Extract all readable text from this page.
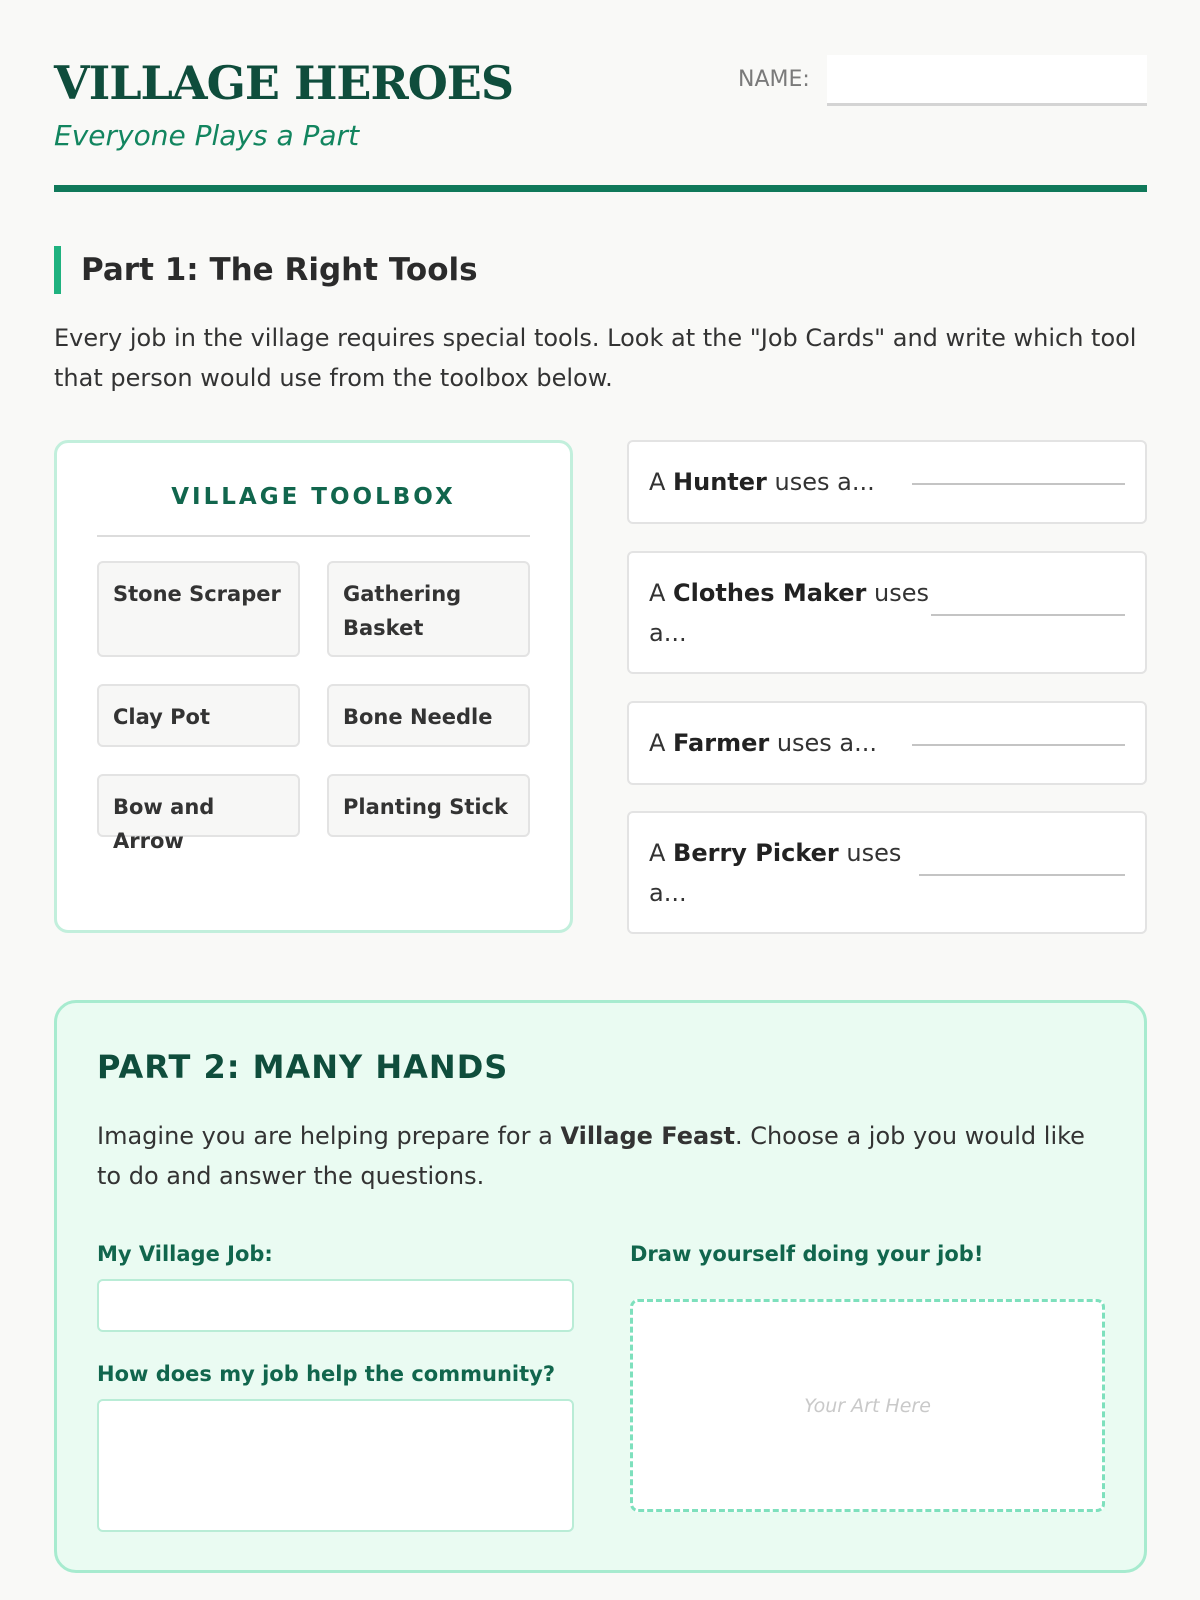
VILLAGE HEROES
Everyone Plays a Part
NAME:
Part 1: The Right Tools
Every job in the village requires special tools. Look at the "Job Cards" and write which tool that person would use from the toolbox below.
VILLAGE TOOLBOX
Stone Scraper	Gathering Basket
Clay Pot	Bone Needle
Bow and Arrow
Planting Stick
A Hunter uses a...
A Clothes Maker uses a...
A Farmer uses a...
A Berry Picker uses a...
PART 2: MANY HANDS
Imagine you are helping prepare for a Village Feast. Choose a job you would like to do and answer the questions.
My Village Job:
How does my job help the community?
Draw yourself doing your job!
Your Art Here
